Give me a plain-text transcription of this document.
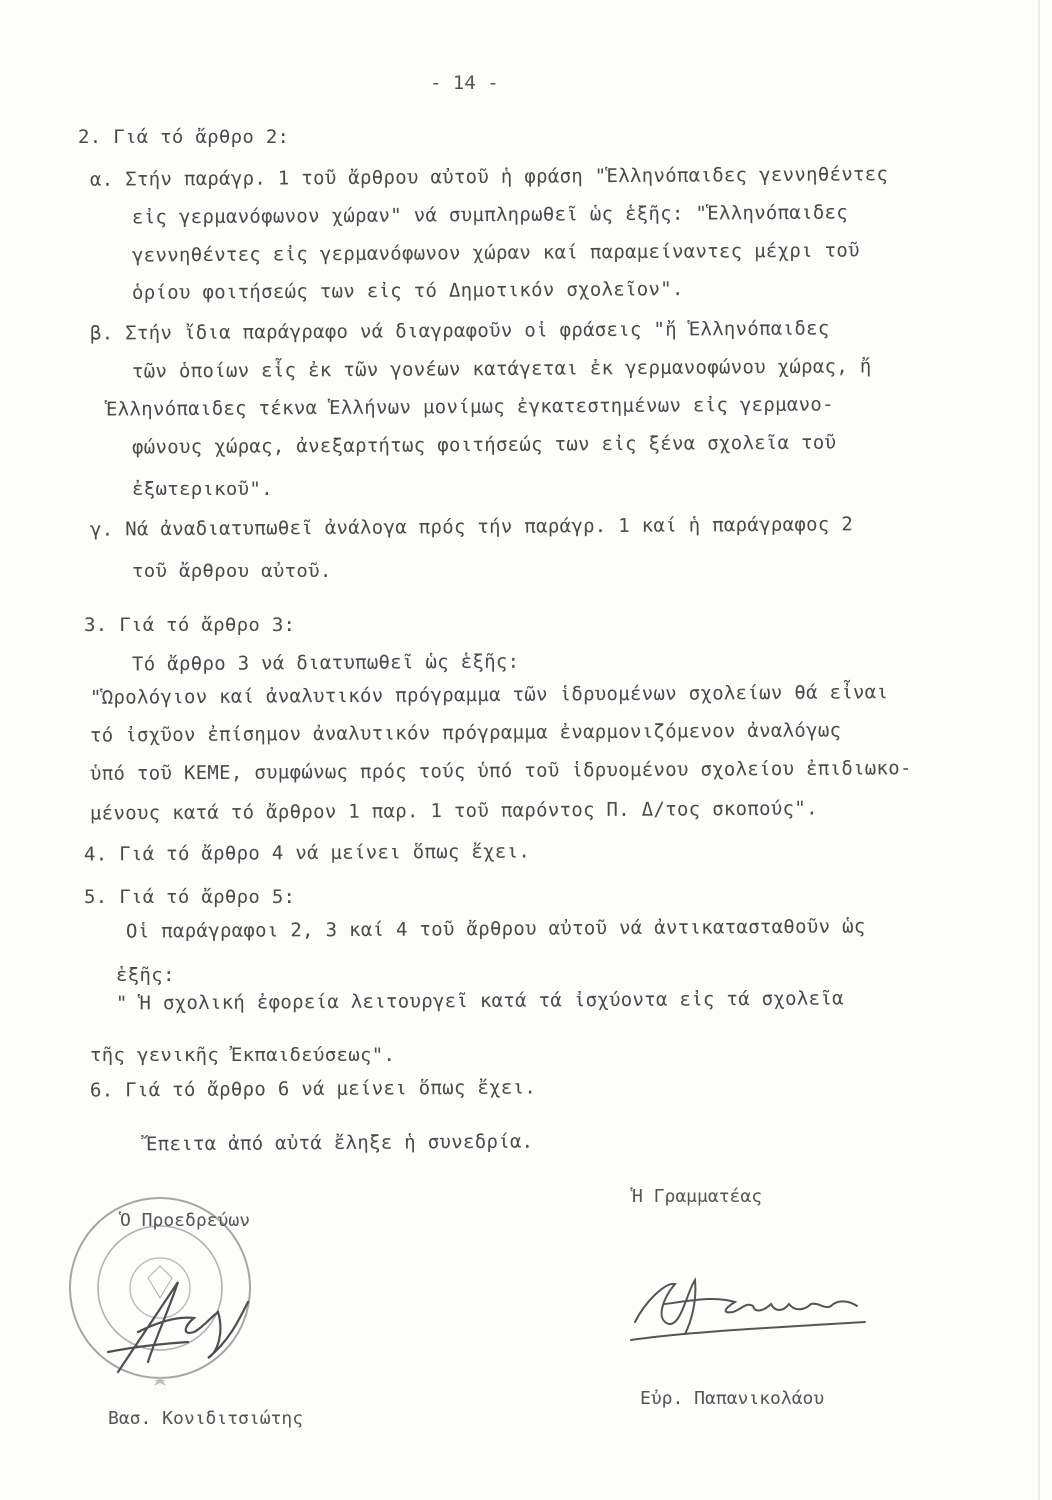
- 14 -
2. Γιά τό ἄρθρο 2:
α. Στήν παράγρ. 1 τοῦ ἄρθρου αὐτοῦ ἡ φράση "Ἑλληνόπαιδες γεννηθέντες
εἰς γερμανόφωνον χώραν" νά συμπληρωθεῖ ὡς ἑξῆς: "Ἑλληνόπαιδες
γεννηθέντες εἰς γερμανόφωνον χώραν καί παραμείναντες μέχρι τοῦ
ὁρίου φοιτήσεώς των εἰς τό Δημοτικόν σχολεῖον".
β. Στήν ἴδια παράγραφο νά διαγραφοῦν οἱ φράσεις "ἤ Ἑλληνόπαιδες
τῶν ὁποίων εἷς ἐκ τῶν γονέων κατάγεται ἐκ γερμανοφώνου χώρας, ἤ
Ἑλληνόπαιδες τέκνα Ἑλλήνων μονίμως ἐγκατεστημένων εἰς γερμανο-
φώνους χώρας, ἀνεξαρτήτως φοιτήσεώς των εἰς ξένα σχολεῖα τοῦ
ἐξωτερικοῦ".
γ. Νά ἀναδιατυπωθεῖ ἀνάλογα πρός τήν παράγρ. 1 καί ἡ παράγραφος 2
τοῦ ἄρθρου αὐτοῦ.
3. Γιά τό ἄρθρο 3:
Τό ἄρθρο 3 νά διατυπωθεῖ ὡς ἑξῆς:
"Ὡρολόγιον καί ἀναλυτικόν πρόγραμμα τῶν ἱδρυομένων σχολείων θά εἶναι
τό ἰσχῦον ἐπίσημον ἀναλυτικόν πρόγραμμα ἐναρμονιζόμενον ἀναλόγως
ὑπό τοῦ ΚΕΜΕ, συμφώνως πρός τούς ὑπό τοῦ ἱδρυομένου σχολείου ἐπιδιωκο-
μένους κατά τό ἄρθρον 1 παρ. 1 τοῦ παρόντος Π. Δ/τος σκοπούς".
4. Γιά τό ἄρθρο 4 νά μείνει ὅπως ἔχει.
5. Γιά τό ἄρθρο 5:
Οἱ παράγραφοι 2, 3 καί 4 τοῦ ἄρθρου αὐτοῦ νά ἀντικατασταθοῦν ὡς
ἑξῆς:
" Ἡ σχολική ἐφορεία λειτουργεῖ κατά τά ἰσχύοντα εἰς τά σχολεῖα
τῆς γενικῆς Ἐκπαιδεύσεως".
6. Γιά τό ἄρθρο 6 νά μείνει ὅπως ἔχει.
Ἔπειτα ἀπό αὐτά ἔληξε ἡ συνεδρία.
Ἡ Γραμματέας
Εὐρ. Παπανικολάου
Ὁ Προεδρεύων
Βασ. Κονιδιτσιώτης
